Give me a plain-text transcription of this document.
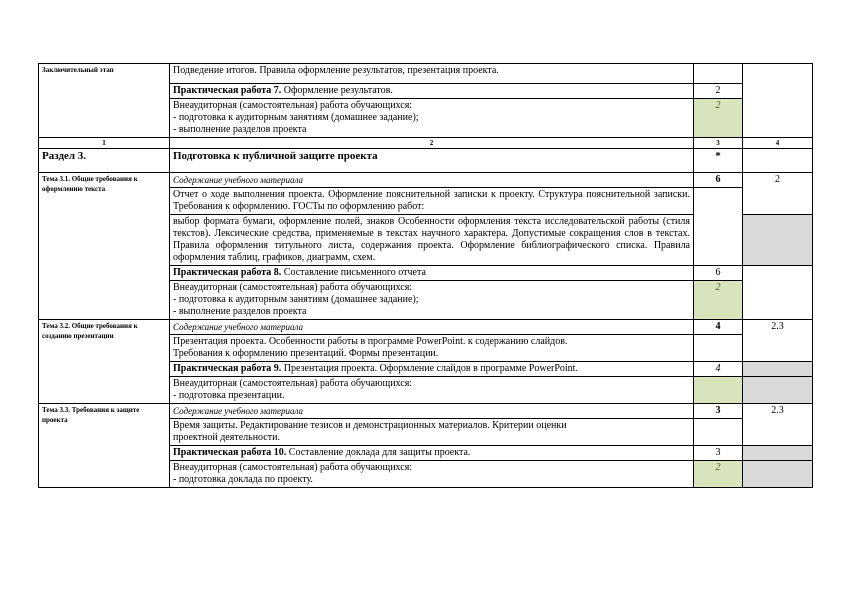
Заключительный этап	Подведение итогов. Правила оформление результатов, презентация проекта.		
	Практическая работа 7. Оформление результатов.	2	

	Внеаудиторная (самостоятельная) работа обучающихся:
- подготовка к аудиторным занятиям (домашнее задание);
- выполнение разделов проекта	2	
1	2	3	4
Раздел 3.	Подготовка к публичной защите проекта	*	
Тема 3.1. Общие требования к оформлению текста	Содержание учебного материала	6	2
	Отчет о ходе выполнения проекта. Оформление пояснительной записки к проекту. Структура пояснительной записки. Требования к оформлению. ГОСТы по оформлению работ:		
	выбор формата бумаги, оформление полей, знаков Особенности оформления текста исследовательской работы (стиля текстов). Лексические средства, применяемые в текстах научного характера. Допустимые сокращения слов в текстах. Правила оформления титульного листа, содержания проекта. Оформление библиографического списка. Правила оформления таблиц, графиков, диаграмм, схем.		
	Практическая работа 8. Составление письменного отчета	6	

	Внеаудиторная (самостоятельная) работа обучающихся:
- подготовка к аудиторным занятиям (домашнее задание);
- выполнение разделов проекта	2	
Тема 3.2. Общие требования к созданию презентации	Содержание учебного материала	4	2.3

	Презентация проекта. Особенности работы в программе PowerPoint. к содержанию слайдов.
Требования к оформлению презентаций. Формы презентации.		

	Практическая работа 9. Презентация проекта. Оформление слайдов в программе PowerPoint.	4	

	Внеаудиторная (самостоятельная) работа обучающихся:
- подготовка презентации.		

Тема 3.3. Требования к защите проекта	Содержание учебного материала	3	2.3

	Время защиты. Редактирование тезисов и демонстрационных материалов. Критерии оценки
проектной деятельности.		

	Практическая работа 10. Составление доклада для защиты проекта.	3	

	Внеаудиторная (самостоятельная) работа обучающихся:
- подготовка доклада по проекту.	2	
